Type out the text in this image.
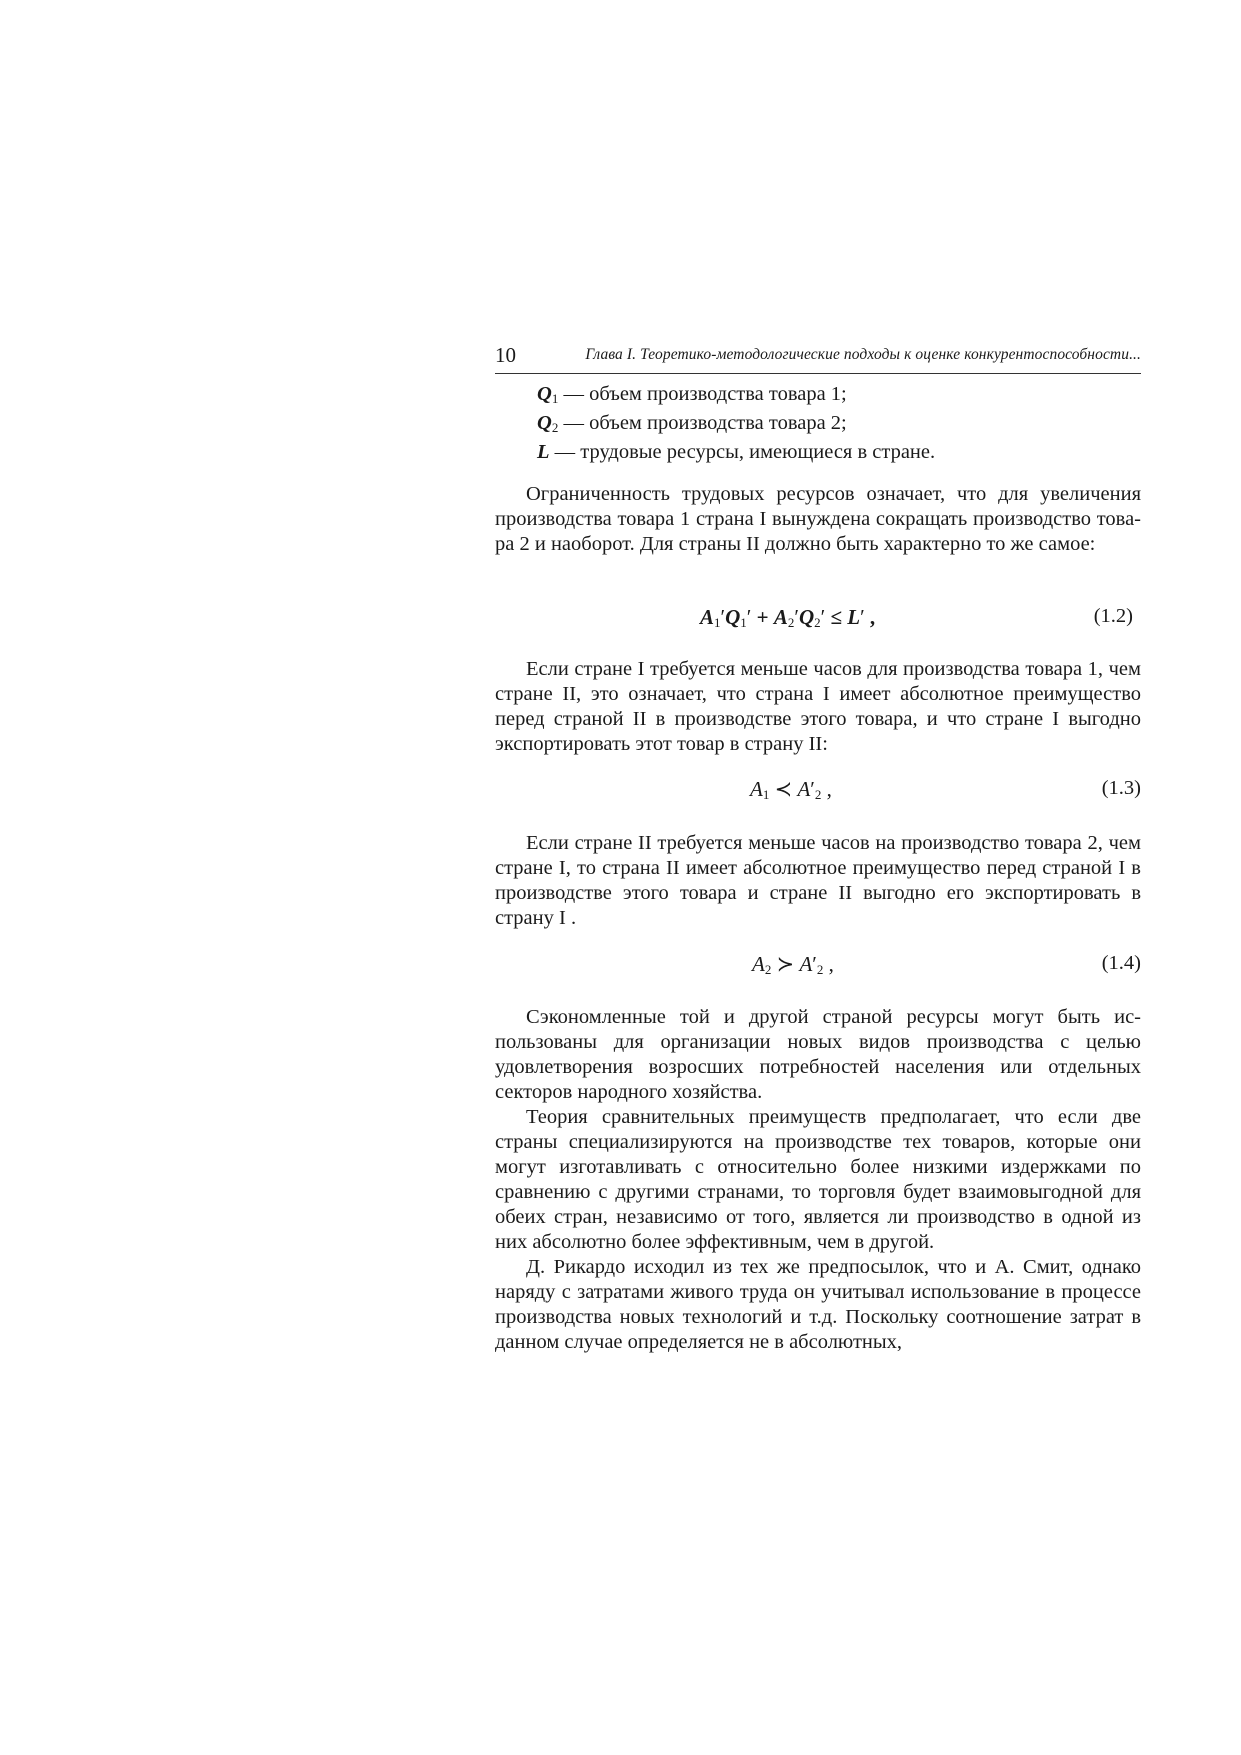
10	Глава I. Теоретико-методологические подходы к оценке конкурентоспособности...
$Q_1$ — объем производства товара 1;
$Q_2$ — объем производства товара 2;
L — трудовые ресурсы, имеющиеся в стране.

Ограниченность трудовых ресурсов означает, что для увеличения производства товара 1 страна I вынуждена сокращать производство товара 2 и наоборот. Для страны II должно быть характерно то же самое:

$A_1'Q_1' + A_2'Q_2' \le L'$ ,	(1.2)

Если стране I требуется меньше часов для производства товара 1, чем стране II, это означает, что страна I имеет абсолютное преимущество перед страной II в производстве этого товара, и что стране I выгодно экспортировать этот товар в страну II:

$A_1$ ≺ $A'_2$ ,	(1.3)

Если стране II требуется меньше часов на производство товара 2, чем стране I, то страна II имеет абсолютное преимущество перед страной I в производстве этого товара и стране II выгодно его экспортировать в страну I .

$A_2$ ≻ $A'_2$ ,	(1.4)

Сэкономленные той и другой страной ресурсы могут быть использованы для организации новых видов производства с целью удовлетворения возросших потребностей населения или отдельных секторов народного хозяйства.

Теория сравнительных преимуществ предполагает, что если две страны специализируются на производстве тех товаров, которые они могут изготавливать с относительно более низкими издержками по сравнению с другими странами, то торговля будет взаимовыгодной для обеих стран, независимо от того, является ли производство в одной из них абсолютно более эффективным, чем в другой.

Д. Рикардо исходил из тех же предпосылок, что и А. Смит, однако наряду с затратами живого труда он учитывал использование в процессе производства новых технологий и т.д. Поскольку соотношение затрат в данном случае определяется не в абсолютных,
